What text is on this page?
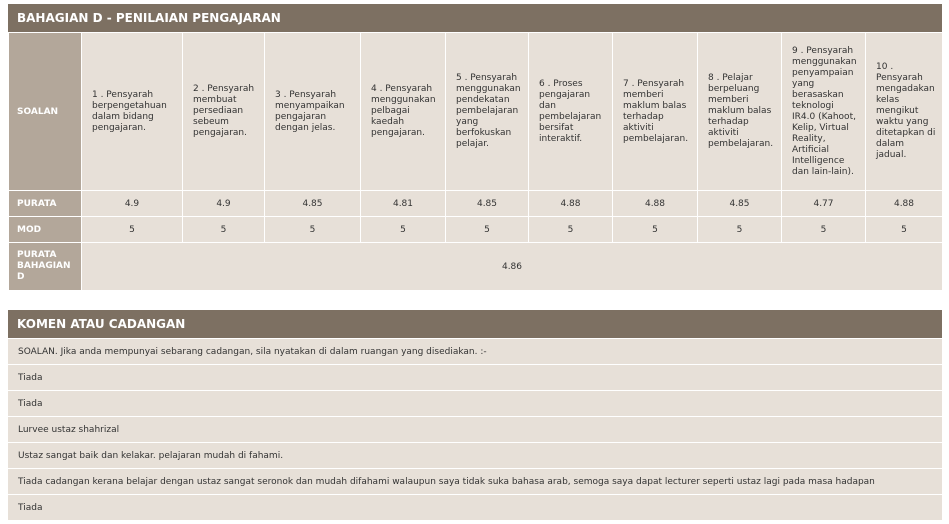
BAHAGIAN D - PENILAIAN PENGAJARAN
SOALAN	1 . Pensyarah berpengetahuan dalam bidang pengajaran.	2 . Pensyarah membuat persediaan sebeum pengajaran.	3 . Pensyarah menyampaikan pengajaran dengan jelas.	4 . Pensyarah menggunakan pelbagai kaedah pengajaran.	5 . Pensyarah menggunakan pendekatan pembelajaran yang berfokuskan pelajar.	6 . Proses pengajaran dan pembelajaran bersifat interaktif.	7 . Pensyarah memberi maklum balas terhadap aktiviti pembelajaran.	8 . Pelajar berpeluang memberi maklum balas terhadap aktiviti pembelajaran.	9 . Pensyarah menggunakan penyampaian yang berasaskan teknologi IR4.0 (Kahoot, Kelip, Virtual Reality, Artificial Intelligence dan lain-lain).	10 . Pensyarah mengadakan kelas mengikut waktu yang ditetapkan di dalam jadual.
PURATA	4.9	4.9	4.85	4.81	4.85	4.88	4.88	4.85	4.77	4.88
MOD	5	5	5	5	5	5	5	5	5	5
PURATA BAHAGIAN D	4.86									
KOMEN ATAU CADANGAN
SOALAN. Jika anda mempunyai sebarang cadangan, sila nyatakan di dalam ruangan yang disediakan. :-
Tiada
Tiada
Lurvee ustaz shahrizal
Ustaz sangat baik dan kelakar. pelajaran mudah di fahami.
Tiada cadangan kerana belajar dengan ustaz sangat seronok dan mudah difahami walaupun saya tidak suka bahasa arab, semoga saya dapat lecturer seperti ustaz lagi pada masa hadapan
Tiada
